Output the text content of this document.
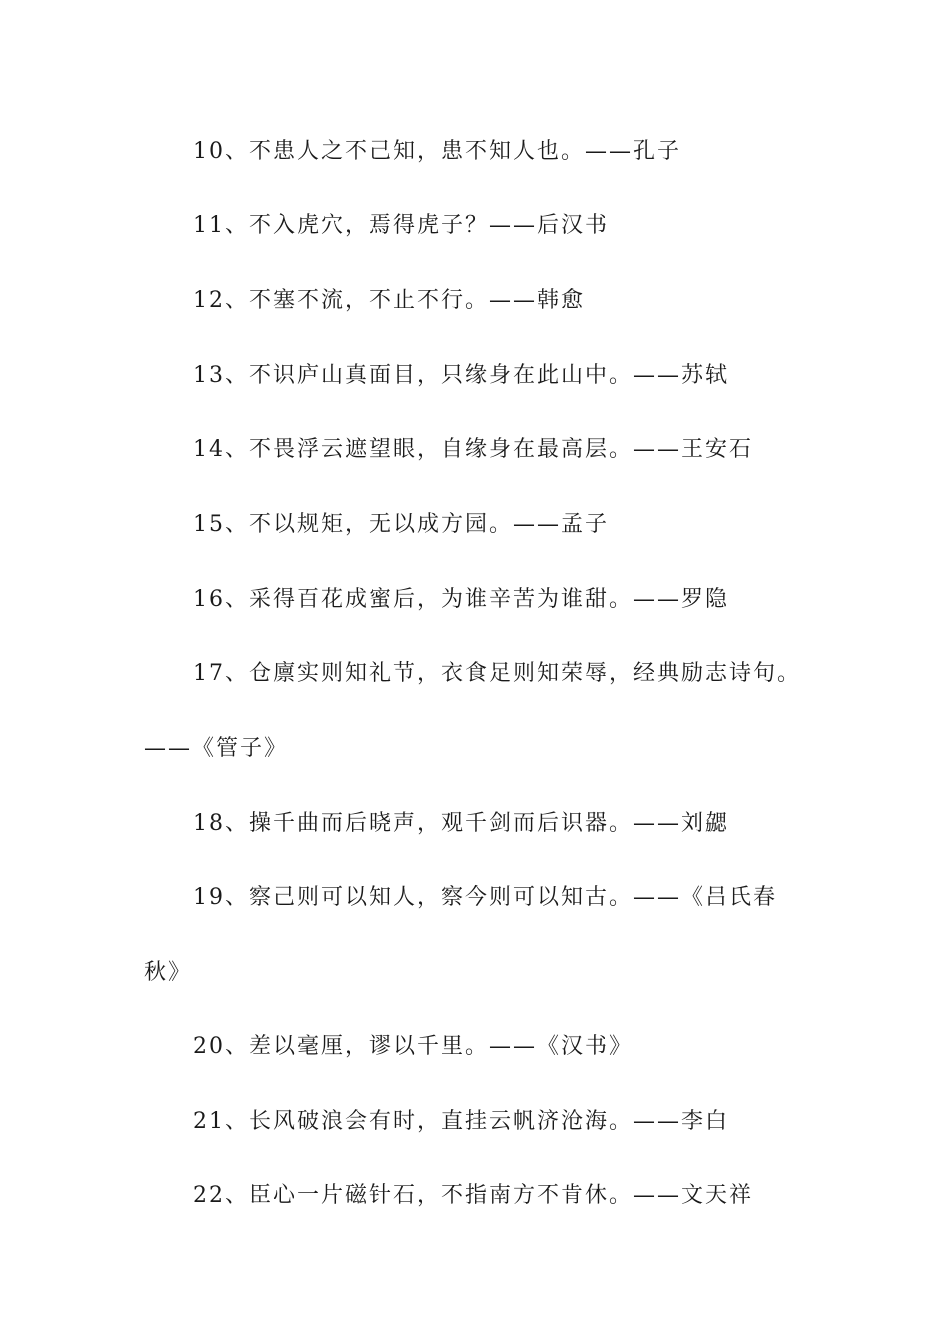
10、不患人之不己知，患不知人也。——孔子
11、不入虎穴，焉得虎子？——后汉书
12、不塞不流，不止不行。——韩愈
13、不识庐山真面目，只缘身在此山中。——苏轼
14、不畏浮云遮望眼，自缘身在最高层。——王安石
15、不以规矩，无以成方园。——孟子
16、采得百花成蜜后，为谁辛苦为谁甜。——罗隐
17、仓廪实则知礼节，衣食足则知荣辱，经典励志诗句。
——《管子》
18、操千曲而后晓声，观千剑而后识器。——刘勰
19、察己则可以知人，察今则可以知古。——《吕氏春
秋》
20、差以毫厘，谬以千里。——《汉书》
21、长风破浪会有时，直挂云帆济沧海。——李白
22、臣心一片磁针石，不指南方不肯休。——文天祥
